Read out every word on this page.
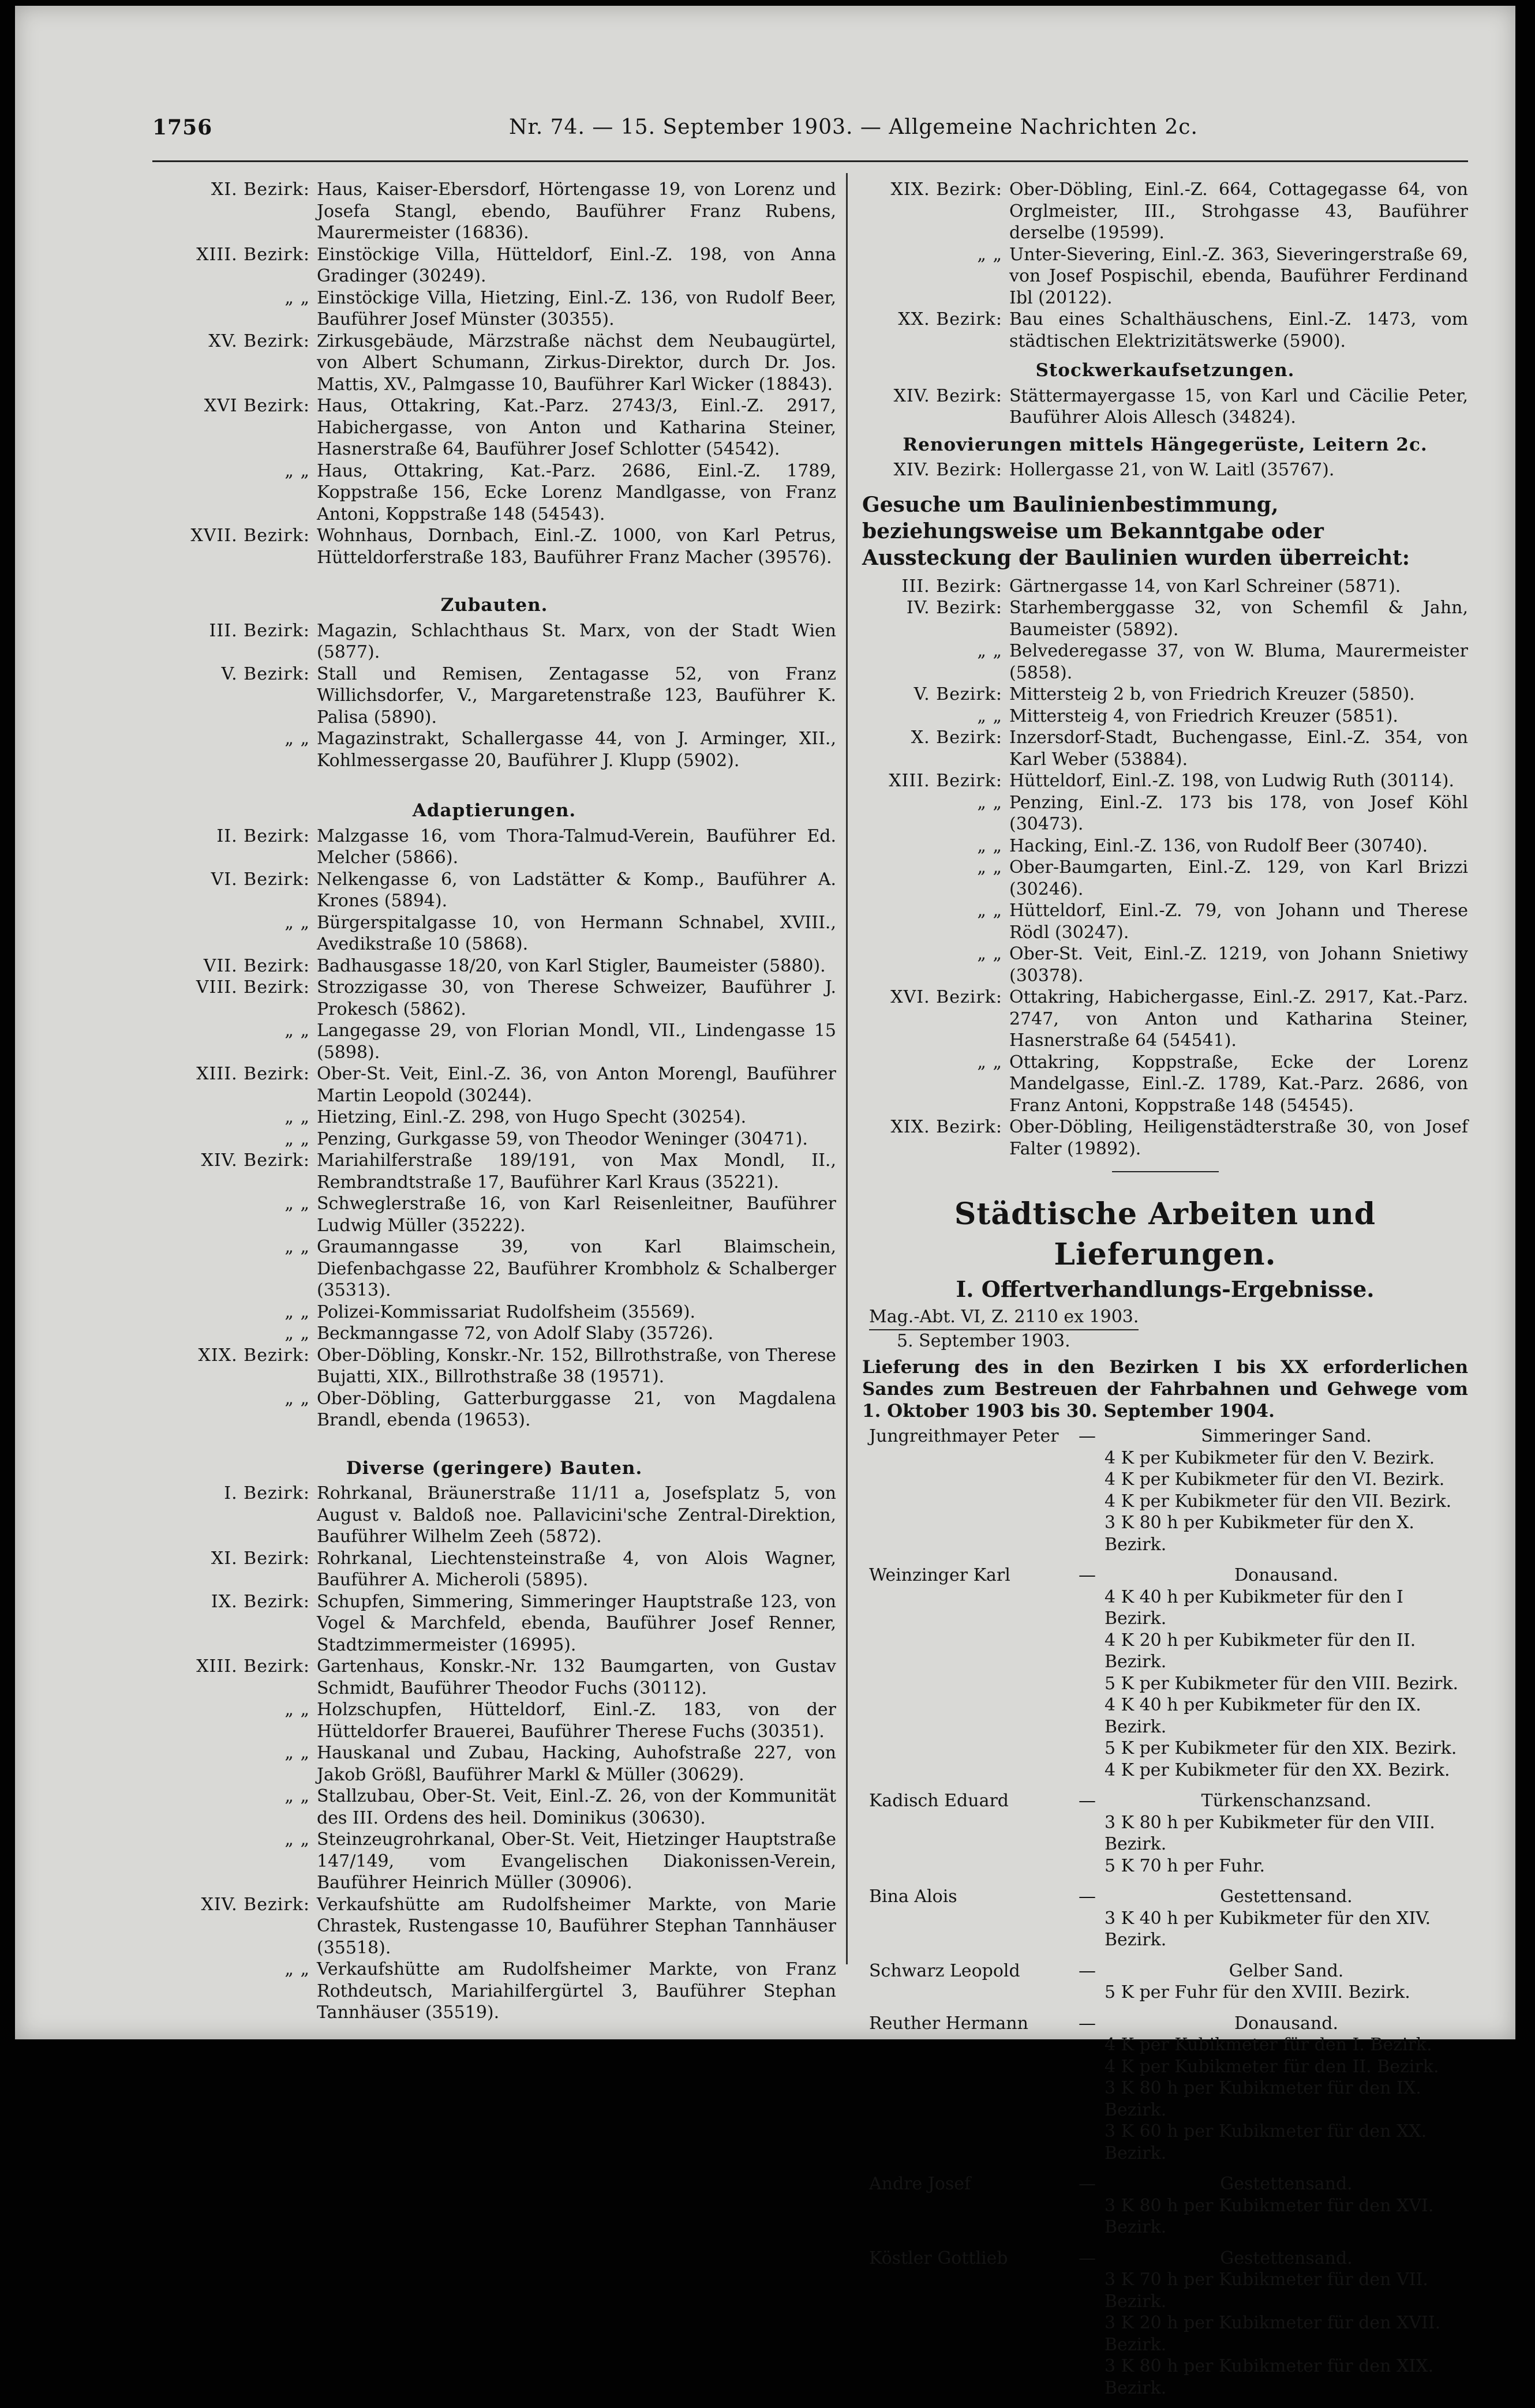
1756	Nr. 74. — 15. September 1903. — Allgemeine Nachrichten 2c.
XI. Bezirk: Haus, Kaiser-Ebersdorf, Hörtengasse 19, von Lorenz und Josefa Stangl, ebendo, Bauführer Franz Rubens, Maurermeister (16836).
XIII. Bezirk: Einstöckige Villa, Hütteldorf, Einl.-Z. 198, von Anna Gradinger (30249).
„ „ Einstöckige Villa, Hietzing, Einl.-Z. 136, von Rudolf Beer, Bauführer Josef Münster (30355).
XV. Bezirk: Zirkusgebäude, Märzstraße nächst dem Neubaugürtel, von Albert Schumann, Zirkus-Direktor, durch Dr. Jos. Mattis, XV., Palmgasse 10, Bauführer Karl Wicker (18843).
XVI Bezirk: Haus, Ottakring, Kat.-Parz. 2743/3, Einl.-Z. 2917, Habichergasse, von Anton und Katharina Steiner, Hasnerstraße 64, Bauführer Josef Schlotter (54542).
„ „ Haus, Ottakring, Kat.-Parz. 2686, Einl.-Z. 1789, Koppstraße 156, Ecke Lorenz Mandlgasse, von Franz Antoni, Koppstraße 148 (54543).
XVII. Bezirk: Wohnhaus, Dornbach, Einl.-Z. 1000, von Karl Petrus, Hütteldorferstraße 183, Bauführer Franz Macher (39576).

Zubauten.

III. Bezirk: Magazin, Schlachthaus St. Marx, von der Stadt Wien (5877).
V. Bezirk: Stall und Remisen, Zentagasse 52, von Franz Willichsdorfer, V., Margaretenstraße 123, Bauführer K. Palisa (5890).
„ „ Magazinstrakt, Schallergasse 44, von J. Arminger, XII., Kohlmessergasse 20, Bauführer J. Klupp (5902).

Adaptierungen.

II. Bezirk: Malzgasse 16, vom Thora-Talmud-Verein, Bauführer Ed. Melcher (5866).
VI. Bezirk: Nelkengasse 6, von Ladstätter & Komp., Bauführer A. Krones (5894).
„ „ Bürgerspitalgasse 10, von Hermann Schnabel, XVIII., Avedikstraße 10 (5868).
VII. Bezirk: Badhausgasse 18/20, von Karl Stigler, Baumeister (5880).
VIII. Bezirk: Strozzigasse 30, von Therese Schweizer, Bauführer J. Prokesch (5862).
„ „ Langegasse 29, von Florian Mondl, VII., Lindengasse 15 (5898).
XIII. Bezirk: Ober-St. Veit, Einl.-Z. 36, von Anton Morengl, Bauführer Martin Leopold (30244).
„ „ Hietzing, Einl.-Z. 298, von Hugo Specht (30254).
„ „ Penzing, Gurkgasse 59, von Theodor Weninger (30471).
XIV. Bezirk: Mariahilferstraße 189/191, von Max Mondl, II., Rembrandtstraße 17, Bauführer Karl Kraus (35221).
„ „ Schweglerstraße 16, von Karl Reisenleitner, Bauführer Ludwig Müller (35222).
„ „ Graumanngasse 39, von Karl Blaimschein, Diefenbachgasse 22, Bauführer Krombholz & Schalberger (35313).
„ „ Polizei-Kommissariat Rudolfsheim (35569).
„ „ Beckmanngasse 72, von Adolf Slaby (35726).
XIX. Bezirk: Ober-Döbling, Konskr.-Nr. 152, Billrothstraße, von Therese Bujatti, XIX., Billrothstraße 38 (19571).
„ „ Ober-Döbling, Gatterburggasse 21, von Magdalena Brandl, ebenda (19653).

Diverse (geringere) Bauten.

I. Bezirk: Rohrkanal, Bräunerstraße 11/11 a, Josefsplatz 5, von August v. Baldoß noe. Pallavicini'sche Zentral-Direktion, Bauführer Wilhelm Zeeh (5872).
XI. Bezirk: Rohrkanal, Liechtensteinstraße 4, von Alois Wagner, Bauführer A. Micheroli (5895).
IX. Bezirk: Schupfen, Simmering, Simmeringer Hauptstraße 123, von Vogel & Marchfeld, ebenda, Bauführer Josef Renner, Stadtzimmermeister (16995).
XIII. Bezirk: Gartenhaus, Konskr.-Nr. 132 Baumgarten, von Gustav Schmidt, Bauführer Theodor Fuchs (30112).
„ „ Holzschupfen, Hütteldorf, Einl.-Z. 183, von der Hütteldorfer Brauerei, Bauführer Therese Fuchs (30351).
„ „ Hauskanal und Zubau, Hacking, Auhofstraße 227, von Jakob Größl, Bauführer Markl & Müller (30629).
„ „ Stallzubau, Ober-St. Veit, Einl.-Z. 26, von der Kommunität des III. Ordens des heil. Dominikus (30630).
„ „ Steinzeugrohrkanal, Ober-St. Veit, Hietzinger Hauptstraße 147/149, vom Evangelischen Diakonissen-Verein, Bauführer Heinrich Müller (30906).
XIV. Bezirk: Verkaufshütte am Rudolfsheimer Markte, von Marie Chrastek, Rustengasse 10, Bauführer Stephan Tannhäuser (35518).
„ „ Verkaufshütte am Rudolfsheimer Markte, von Franz Rothdeutsch, Mariahilfergürtel 3, Bauführer Stephan Tannhäuser (35519).
XIX. Bezirk: Ober-Döbling, Einl.-Z. 664, Cottagegasse 64, von Orglmeister, III., Strohgasse 43, Bauführer derselbe (19599).
„ „ Unter-Sievering, Einl.-Z. 363, Sieveringerstraße 69, von Josef Pospischil, ebenda, Bauführer Ferdinand Ibl (20122).
XX. Bezirk: Bau eines Schalthäuschens, Einl.-Z. 1473, vom städtischen Elektrizitätswerke (5900).

Stockwerkaufsetzungen.

XIV. Bezirk: Stättermayergasse 15, von Karl und Cäcilie Peter, Bauführer Alois Allesch (34824).

Renovierungen mittels Hängegerüste, Leitern 2c.

XIV. Bezirk: Hollergasse 21, von W. Laitl (35767).

Gesuche um Baulinienbestimmung, beziehungsweise um Bekanntgabe oder Aussteckung der Baulinien wurden überreicht:

III. Bezirk: Gärtnergasse 14, von Karl Schreiner (5871).
IV. Bezirk: Starhemberggasse 32, von Schemfil & Jahn, Baumeister (5892).
„ „ Belvederegasse 37, von W. Bluma, Maurermeister (5858).
V. Bezirk: Mittersteig 2 b, von Friedrich Kreuzer (5850).
„ „ Mittersteig 4, von Friedrich Kreuzer (5851).
X. Bezirk: Inzersdorf-Stadt, Buchengasse, Einl.-Z. 354, von Karl Weber (53884).
XIII. Bezirk: Hütteldorf, Einl.-Z. 198, von Ludwig Ruth (30114).
„ „ Penzing, Einl.-Z. 173 bis 178, von Josef Köhl (30473).
„ „ Hacking, Einl.-Z. 136, von Rudolf Beer (30740).
„ „ Ober-Baumgarten, Einl.-Z. 129, von Karl Brizzi (30246).
„ „ Hütteldorf, Einl.-Z. 79, von Johann und Therese Rödl (30247).
„ „ Ober-St. Veit, Einl.-Z. 1219, von Johann Snietiwy (30378).
XVI. Bezirk: Ottakring, Habichergasse, Einl.-Z. 2917, Kat.-Parz. 2747, von Anton und Katharina Steiner, Hasnerstraße 64 (54541).
„ „ Ottakring, Koppstraße, Ecke der Lorenz Mandelgasse, Einl.-Z. 1789, Kat.-Parz. 2686, von Franz Antoni, Koppstraße 148 (54545).
XIX. Bezirk: Ober-Döbling, Heiligenstädterstraße 30, von Josef Falter (19892).

Städtische Arbeiten und Lieferungen.

I. Offertverhandlungs-Ergebnisse.

Mag.-Abt. VI, Z. 2110 ex 1903.
5. September 1903.

Lieferung des in den Bezirken I bis XX erforderlichen Sandes zum Bestreuen der Fahrbahnen und Gehwege vom 1. Oktober 1903 bis 30. September 1904.

Jungreithmayer Peter	—	Simmeringer Sand.
4 K per Kubikmeter für den V. Bezirk.
4 K per Kubikmeter für den VI. Bezirk.
4 K per Kubikmeter für den VII. Bezirk.
3 K 80 h per Kubikmeter für den X. Bezirk.
Weinzinger Karl	—	Donausand.
4 K 40 h per Kubikmeter für den I Bezirk.
4 K 20 h per Kubikmeter für den II. Bezirk.
5 K per Kubikmeter für den VIII. Bezirk.
4 K 40 h per Kubikmeter für den IX. Bezirk.
5 K per Kubikmeter für den XIX. Bezirk.
4 K per Kubikmeter für den XX. Bezirk.
Kadisch Eduard	—	Türkenschanzsand.
3 K 80 h per Kubikmeter für den VIII. Bezirk.
5 K 70 h per Fuhr.
Bina Alois	—	Gestettensand.
3 K 40 h per Kubikmeter für den XIV. Bezirk.
Schwarz Leopold	—	Gelber Sand.
5 K per Fuhr für den XVIII. Bezirk.
Reuther Hermann	—	Donausand.
4 K per Kubikmeter für den I. Bezirk.
4 K per Kubikmeter für den II. Bezirk.
3 K 80 h per Kubikmeter für den IX. Bezirk.
3 K 60 h per Kubikmeter für den XX. Bezirk.
Andre Josef	—	Gestettensand.
3 K 80 h per Kubikmeter für den XVI. Bezirk.
Köstler Gottlieb	—	Gestettensand.
3 K 70 h per Kubikmeter für den VII. Bezirk.
3 K 20 h per Kubikmeter für den XVII. Bezirk.
3 K 80 h per Kubikmeter für den XIX. Bezirk.
